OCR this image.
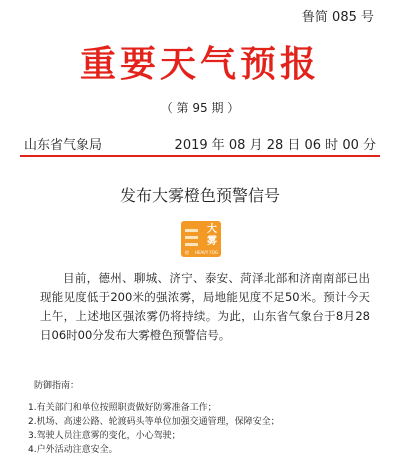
鲁简 085 号
重要天气预报
（ 第 95 期 ）
山东省气象局	2019 年 08 月 28 日 06 时 00 分
发布大雾橙色预警信号
大
雾
橙 HEAVY FOG
目前，德州、聊城、济宁、泰安、菏泽北部和济南南部已出现能见度低于200米的强浓雾，局地能见度不足50米。预计今天上午，上述地区强浓雾仍将持续。为此，山东省气象台于8月28日06时00分发布大雾橙色预警信号。
防御指南：

1.有关部门和单位按照职责做好防雾准备工作；

2.机场、高速公路、轮渡码头等单位加强交通管理，保障安全；

3.驾驶人员注意雾的变化，小心驾驶；

4.户外活动注意安全。
